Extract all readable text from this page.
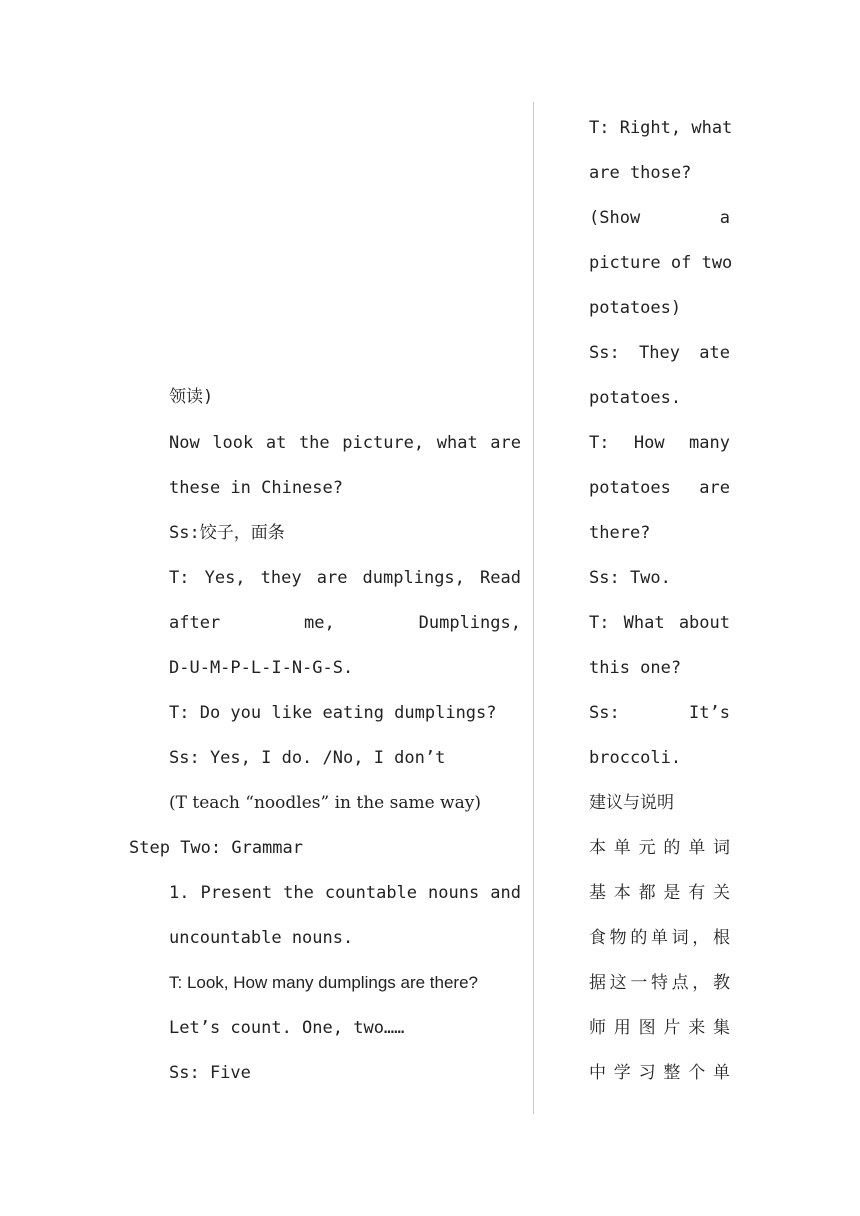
领读)
Now look at the picture, what are
these in Chinese?
Ss:饺子，面条
T: Yes, they are dumplings, Read
after	me,	Dumplings,
D-U-M-P-L-I-N-G-S.
T: Do you like eating dumplings?
Ss: Yes, I do. /No, I don’t
(T teach “noodles” in the same way)
Step Two: Grammar
1. Present the countable nouns and
uncountable nouns.
T: Look, How many dumplings are there?
Let’s count. One, two……
Ss: Five
T: Right, what
are those?
(Show	a
picture of two
potatoes)
Ss: They ate
potatoes.
T: How many
potatoes are
there?
Ss: Two.
T: What about
this one?
Ss:	It’s
broccoli.
建议与说明
本 单 元 的 单 词
基 本 都 是 有 关
食 物 的 单 词 ， 根
据 这 一 特 点 ， 教
师 用 图 片 来 集
中 学 习 整 个 单
